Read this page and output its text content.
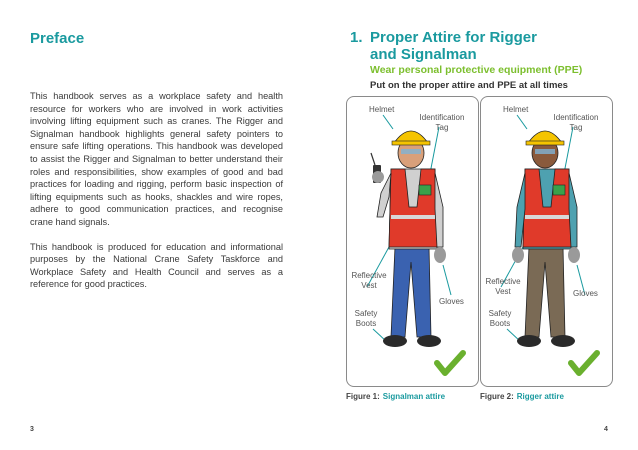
Preface

This handbook serves as a workplace safety and health resource for workers who are involved in work activities involving lifting equipment such as cranes. The Rigger and Signalman handbook highlights general safety pointers to ensure safe lifting operations. This handbook was developed to assist the Rigger and Signalman to better understand their roles and responsibilities, show examples of good and bad practices for loading and rigging, perform basic inspection of lifting equipments such as hooks, shackles and wire ropes, adhere to good communication practices, and recognise crane hand signals.

This handbook is produced for education and informational purposes by the National Crane Safety Taskforce and Workplace Safety and Health Council and serves as a reference for good practices.

3
1. Proper Attire for Rigger
and Signalman
Wear personal protective equipment (PPE)
Put on the proper attire and PPE at all times
Helmet
Identification
Tag
Reflective
Vest
Gloves
Safety
Boots
Helmet
Identification
Tag
Reflective
Vest	Gloves
Safety
Boots
Figure 1: Signalman attire	Figure 2: Rigger attire
4
